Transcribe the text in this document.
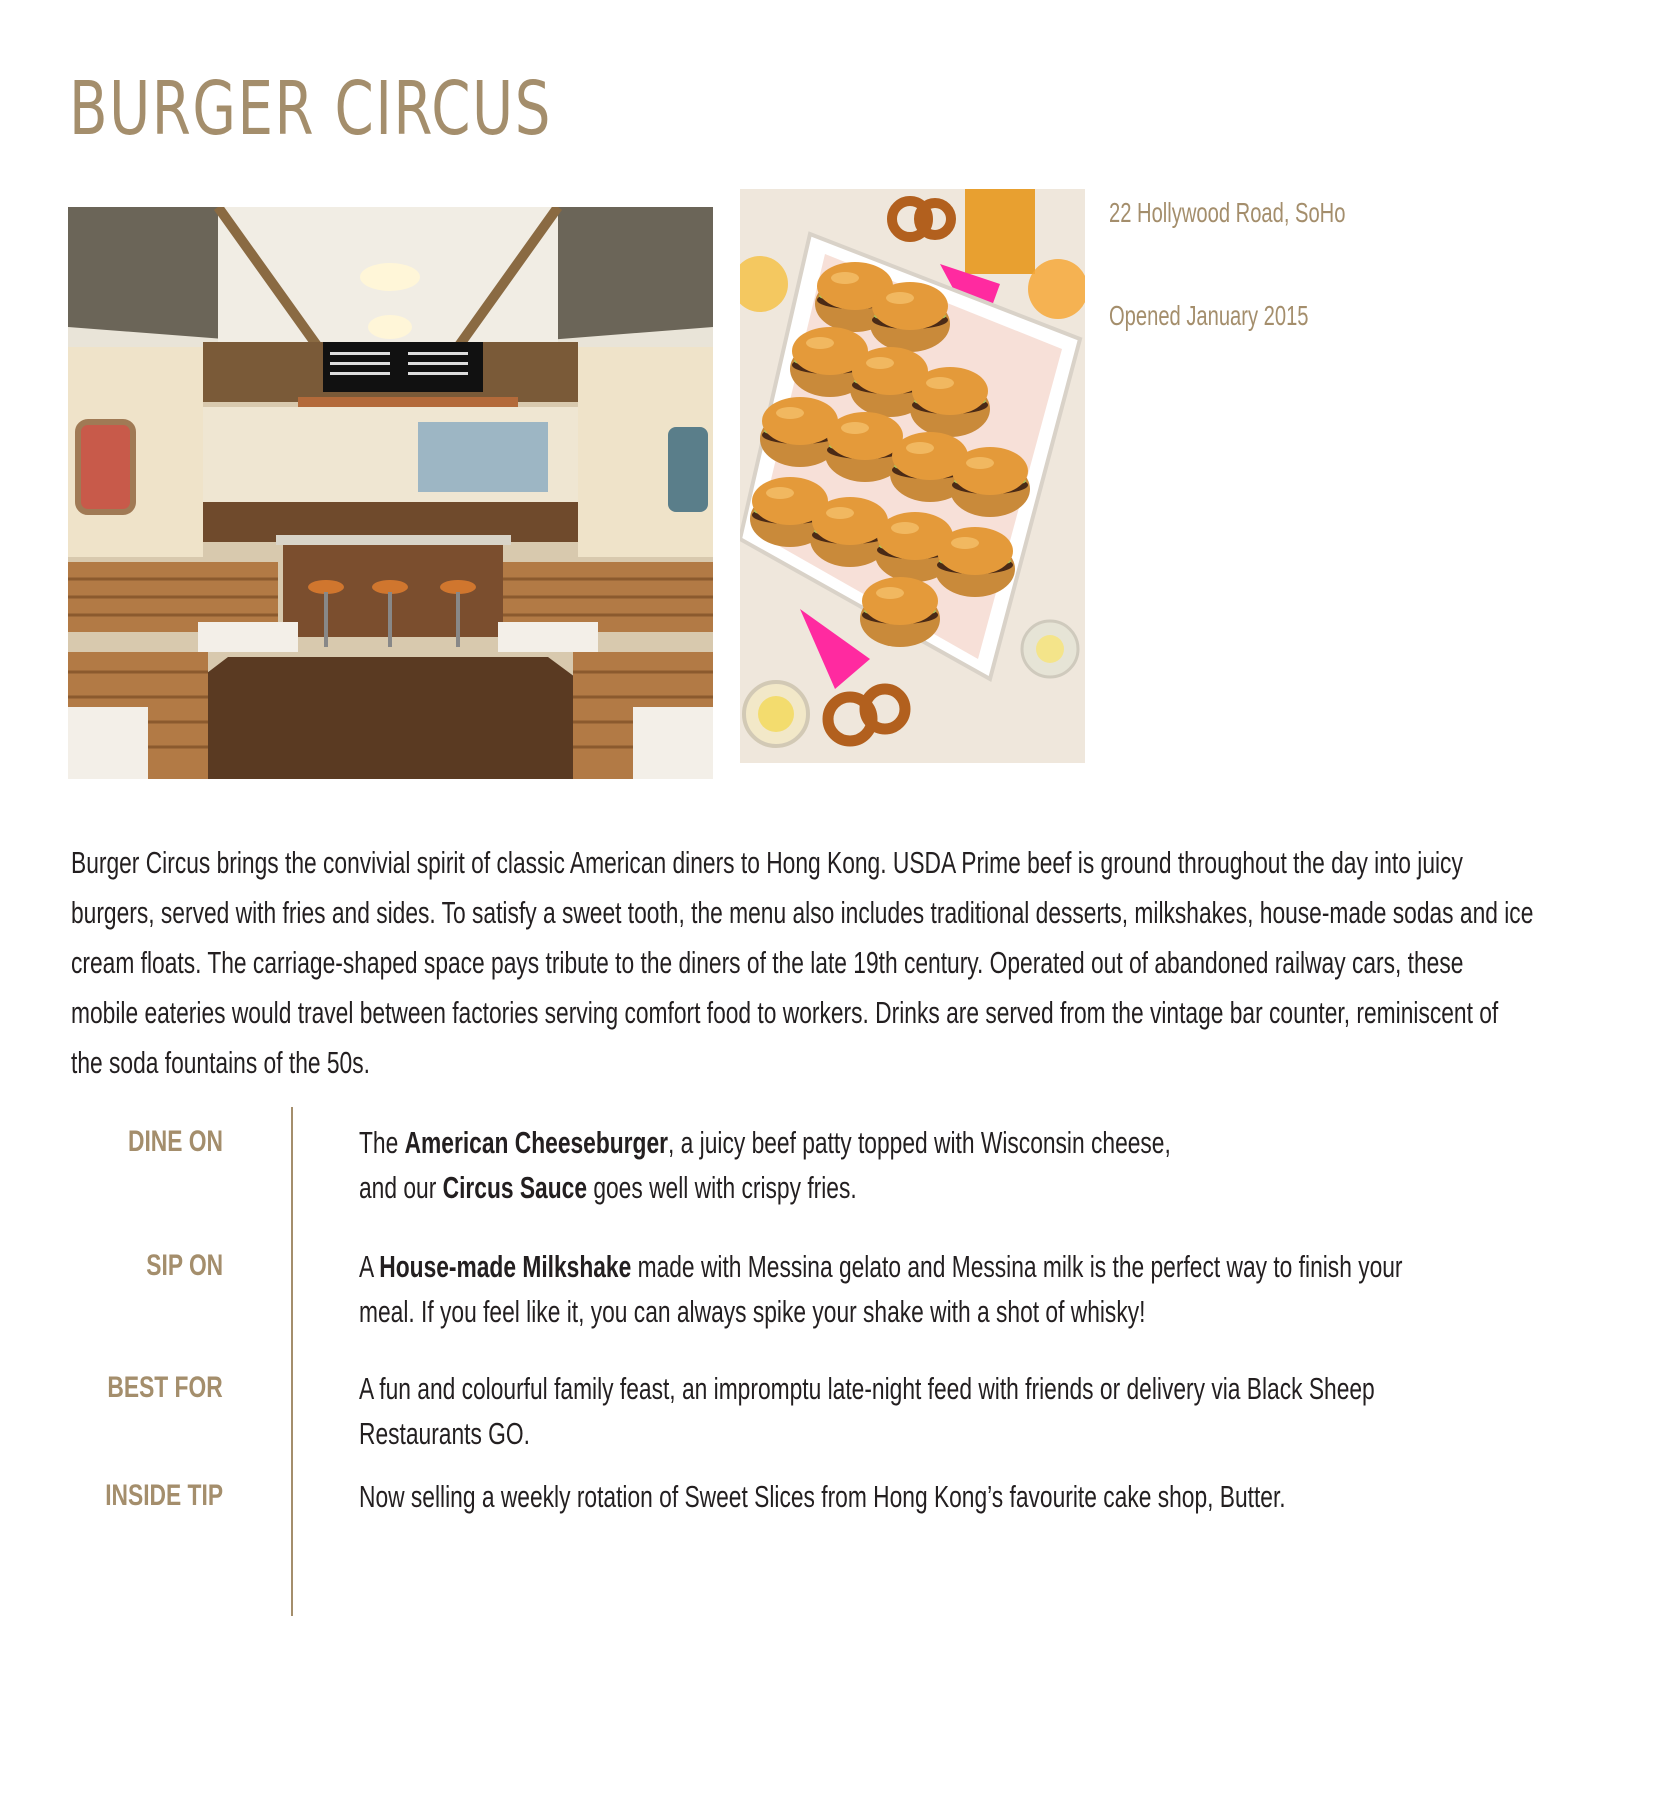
BURGER CIRCUS
22 Hollywood Road, SoHo
Opened January 2015

Burger Circus brings the convivial spirit of classic American diners to Hong Kong. USDA Prime beef is ground throughout the day into juicy burgers, served with fries and sides. To satisfy a sweet tooth, the menu also includes traditional desserts, milkshakes, house-made sodas and ice cream floats. The carriage-shaped space pays tribute to the diners of the late 19th century. Operated out of abandoned railway cars, these mobile eateries would travel between factories serving comfort food to workers. Drinks are served from the vintage bar counter, reminiscent of the soda fountains of the 50s.

DINE ON	The American Cheeseburger, a juicy beef patty topped with Wisconsin cheese,
and our Circus Sauce goes well with crispy fries.

SIP ON	A House-made Milkshake made with Messina gelato and Messina milk is the perfect way to finish your meal. If you feel like it, you can always spike your shake with a shot of whisky!

BEST FOR	A fun and colourful family feast, an impromptu late-night feed with friends or delivery via Black Sheep Restaurants GO.

INSIDE TIP	Now selling a weekly rotation of Sweet Slices from Hong Kong’s favourite cake shop, Butter.
